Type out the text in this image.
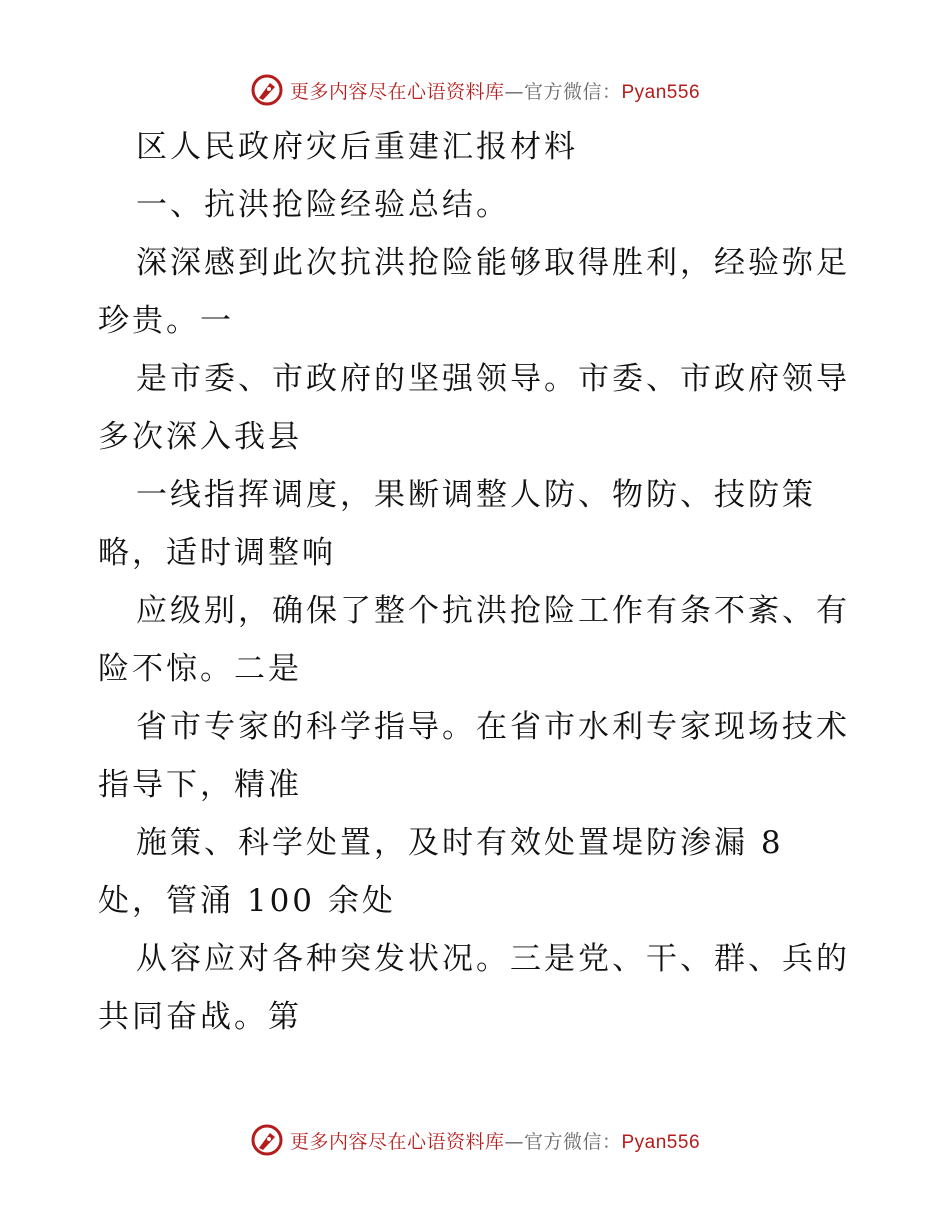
更多内容尽在心语资料库—官方微信：Pyan556
区人民政府灾后重建汇报材料
一、抗洪抢险经验总结。
深深感到此次抗洪抢险能够取得胜利，经验弥足
珍贵。一
是市委、市政府的坚强领导。市委、市政府领导
多次深入我县
一线指挥调度，果断调整人防、物防、技防策
略，适时调整响
应级别，确保了整个抗洪抢险工作有条不紊、有
险不惊。二是
省市专家的科学指导。在省市水利专家现场技术
指导下，精准
施策、科学处置，及时有效处置堤防渗漏 8
处，管涌 100 余处
从容应对各种突发状况。三是党、干、群、兵的
共同奋战。第
更多内容尽在心语资料库—官方微信：Pyan556
